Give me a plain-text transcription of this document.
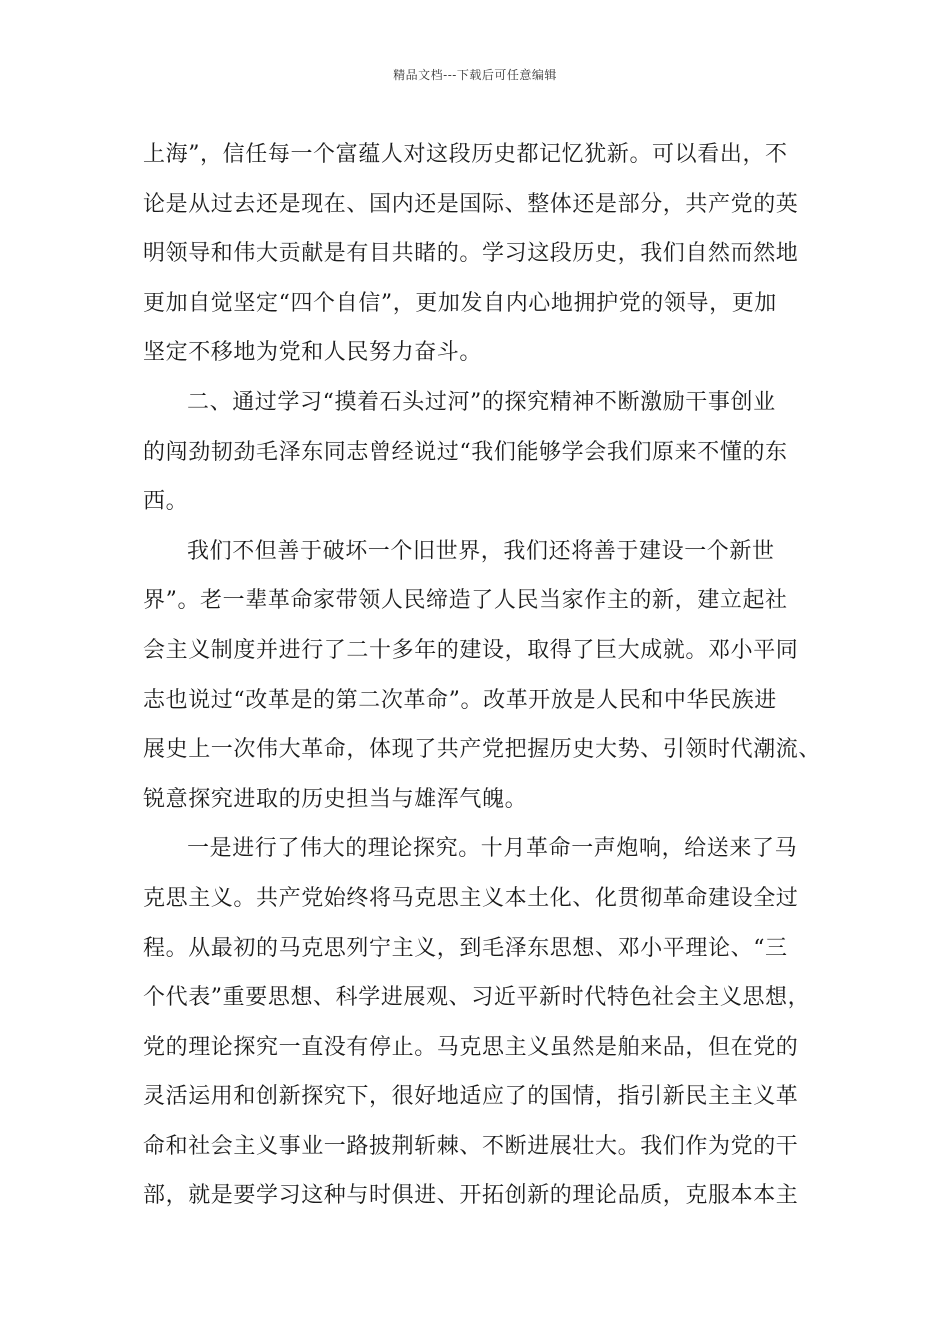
精品文档---下载后可任意编辑
上海”，信任每一个富蕴人对这段历史都记忆犹新。可以看出，不
论是从过去还是现在、国内还是国际、整体还是部分，共产党的英
明领导和伟大贡献是有目共睹的。学习这段历史，我们自然而然地
更加自觉坚定“四个自信”，更加发自内心地拥护党的领导，更加
坚定不移地为党和人民努力奋斗。
二、通过学习“摸着石头过河”的探究精神不断激励干事创业
的闯劲韧劲毛泽东同志曾经说过“我们能够学会我们原来不懂的东
西。
我们不但善于破坏一个旧世界，我们还将善于建设一个新世
界”。老一辈革命家带领人民缔造了人民当家作主的新，建立起社
会主义制度并进行了二十多年的建设，取得了巨大成就。邓小平同
志也说过“改革是的第二次革命”。改革开放是人民和中华民族进
展史上一次伟大革命，体现了共产党把握历史大势、引领时代潮流、
锐意探究进取的历史担当与雄浑气魄。
一是进行了伟大的理论探究。十月革命一声炮响，给送来了马
克思主义。共产党始终将马克思主义本土化、化贯彻革命建设全过
程。从最初的马克思列宁主义，到毛泽东思想、邓小平理论、“三
个代表”重要思想、科学进展观、习近平新时代特色社会主义思想，
党的理论探究一直没有停止。马克思主义虽然是舶来品，但在党的
灵活运用和创新探究下，很好地适应了的国情，指引新民主主义革
命和社会主义事业一路披荆斩棘、不断进展壮大。我们作为党的干
部，就是要学习这种与时俱进、开拓创新的理论品质，克服本本主
